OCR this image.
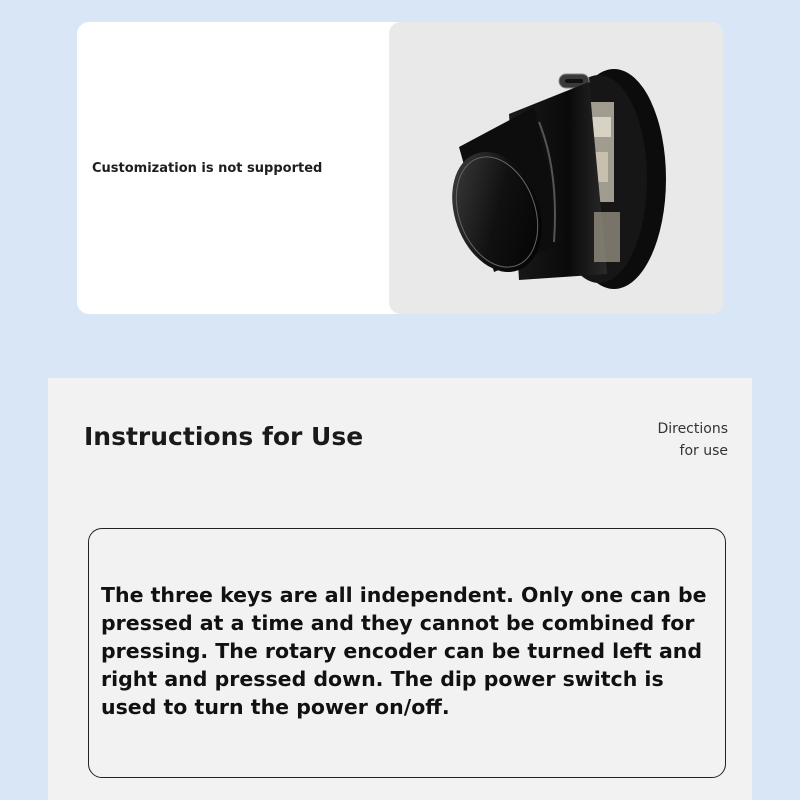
Customization is not supported
Instructions for Use	Directions
for use
The three keys are all independent. Only one can be pressed at a time and they cannot be combined for pressing. The rotary encoder can be turned left and right and pressed down. The dip power switch is used to turn the power on/off.
